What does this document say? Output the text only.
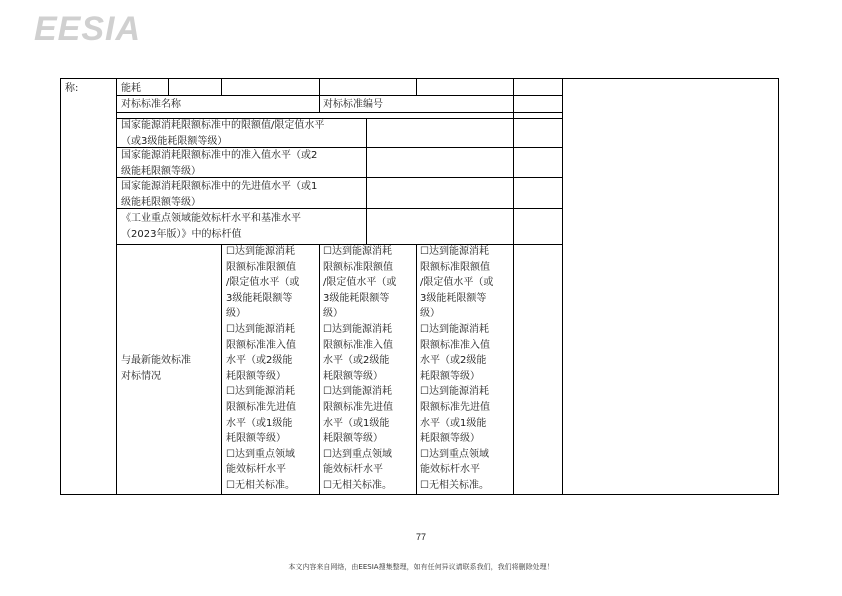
EESIA
称:	能耗
对标标准名称	对标标准编号
国家能源消耗限额标准中的限额值/限定值水平
（或3级能耗限额等级）
国家能源消耗限额标准中的准入值水平（或2
级能耗限额等级）
国家能源消耗限额标准中的先进值水平（或1
级能耗限额等级）
《工业重点领域能效标杆水平和基准水平
（2023年版）》中的标杆值
与最新能效标准
对标情况
☐达到能源消耗
限额标准限额值
/限定值水平（或
3级能耗限额等
级）
☐达到能源消耗
限额标准准入值
水平（或2级能
耗限额等级）
☐达到能源消耗
限额标准先进值
水平（或1级能
耗限额等级）
☐达到重点领域
能效标杆水平
☐无相关标准。
☐达到能源消耗
限额标准限额值
/限定值水平（或
3级能耗限额等
级）
☐达到能源消耗
限额标准准入值
水平（或2级能
耗限额等级）
☐达到能源消耗
限额标准先进值
水平（或1级能
耗限额等级）
☐达到重点领域
能效标杆水平
☐无相关标准。
☐达到能源消耗
限额标准限额值
/限定值水平（或
3级能耗限额等
级）
☐达到能源消耗
限额标准准入值
水平（或2级能
耗限额等级）
☐达到能源消耗
限额标准先进值
水平（或1级能
耗限额等级）
☐达到重点领域
能效标杆水平
☐无相关标准。
77
本文内容来自网络，由EESIA搜集整理，如有任何异议请联系我们，我们将删除处理！
